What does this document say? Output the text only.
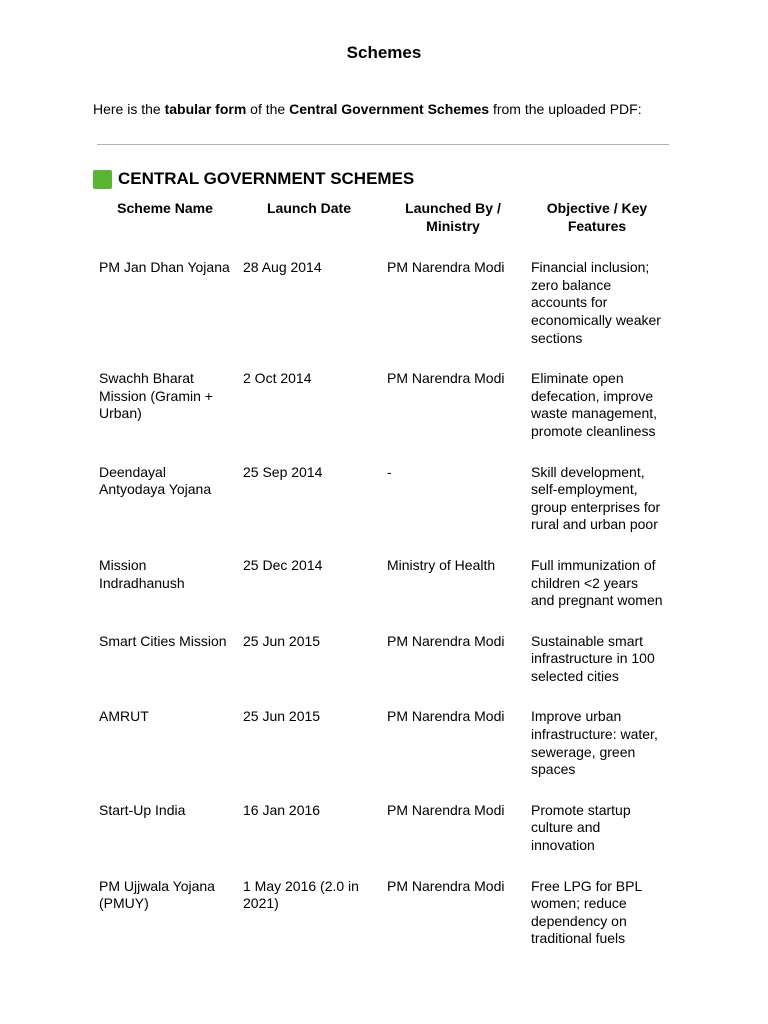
Schemes
Here is the tabular form of the Central Government Schemes from the uploaded PDF:
CENTRAL GOVERNMENT SCHEMES
Scheme Name	Launch Date	Launched By / Ministry	Objective / Key Features
PM Jan Dhan Yojana	28 Aug 2014	PM Narendra Modi	Financial inclusion; zero balance accounts for economically weaker sections
Swachh Bharat Mission (Gramin + Urban)	2 Oct 2014	PM Narendra Modi	Eliminate open defecation, improve waste management, promote cleanliness
Deendayal Antyodaya Yojana	25 Sep 2014	-	Skill development, self-employment, group enterprises for rural and urban poor
Mission Indradhanush	25 Dec 2014	Ministry of Health	Full immunization of children <2 years and pregnant women
Smart Cities Mission	25 Jun 2015	PM Narendra Modi	Sustainable smart infrastructure in 100 selected cities
AMRUT	25 Jun 2015	PM Narendra Modi	Improve urban infrastructure: water, sewerage, green spaces
Start-Up India	16 Jan 2016	PM Narendra Modi	Promote startup culture and innovation
PM Ujjwala Yojana (PMUY)	1 May 2016 (2.0 in 2021)	PM Narendra Modi	Free LPG for BPL women; reduce dependency on traditional fuels
